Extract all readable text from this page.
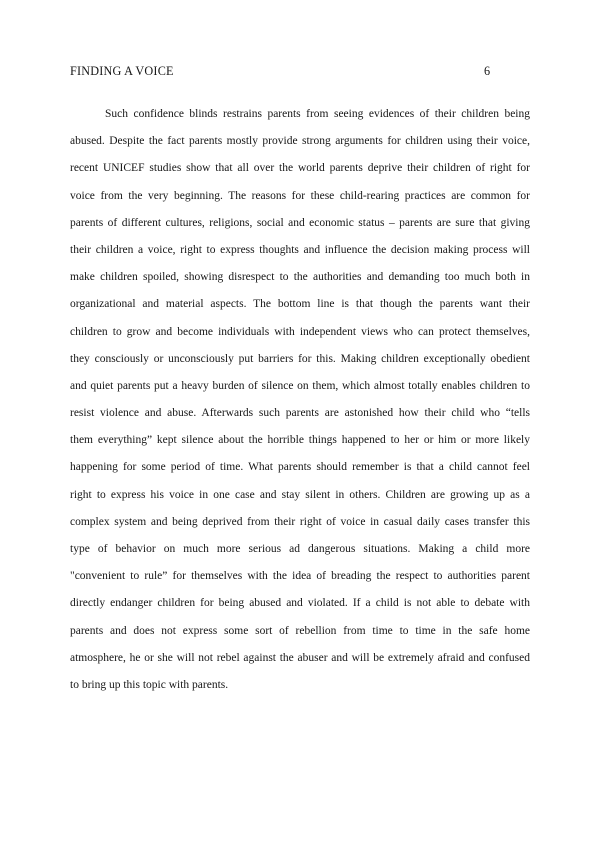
FINDING A VOICE	6
Such confidence blinds restrains parents from seeing evidences of their children being
abused. Despite the fact parents mostly provide strong arguments for children using their voice,
recent UNICEF studies show that all over the world parents deprive their children of right for
voice from the very beginning. The reasons for these child-rearing practices are common for
parents of different cultures, religions, social and economic status – parents are sure that giving
their children a voice, right to express thoughts and influence the decision making process will
make children spoiled, showing disrespect to the authorities and demanding too much both in
organizational and material aspects. The bottom line is that though the parents want their
children to grow and become individuals with independent views who can protect themselves,
they consciously or unconsciously put barriers for this. Making children exceptionally obedient
and quiet parents put a heavy burden of silence on them, which almost totally enables children to
resist violence and abuse. Afterwards such parents are astonished how their child who “tells
them everything” kept silence about the horrible things happened to her or him or more likely
happening for some period of time. What parents should remember is that a child cannot feel
right to express his voice in one case and stay silent in others. Children are growing up as a
complex system and being deprived from their right of voice in casual daily cases transfer this
type of behavior on much more serious ad dangerous situations. Making a child more
"convenient to rule” for themselves with the idea of breading the respect to authorities parent
directly endanger children for being abused and violated. If a child is not able to debate with
parents and does not express some sort of rebellion from time to time in the safe home
atmosphere, he or she will not rebel against the abuser and will be extremely afraid and confused
to bring up this topic with parents.
